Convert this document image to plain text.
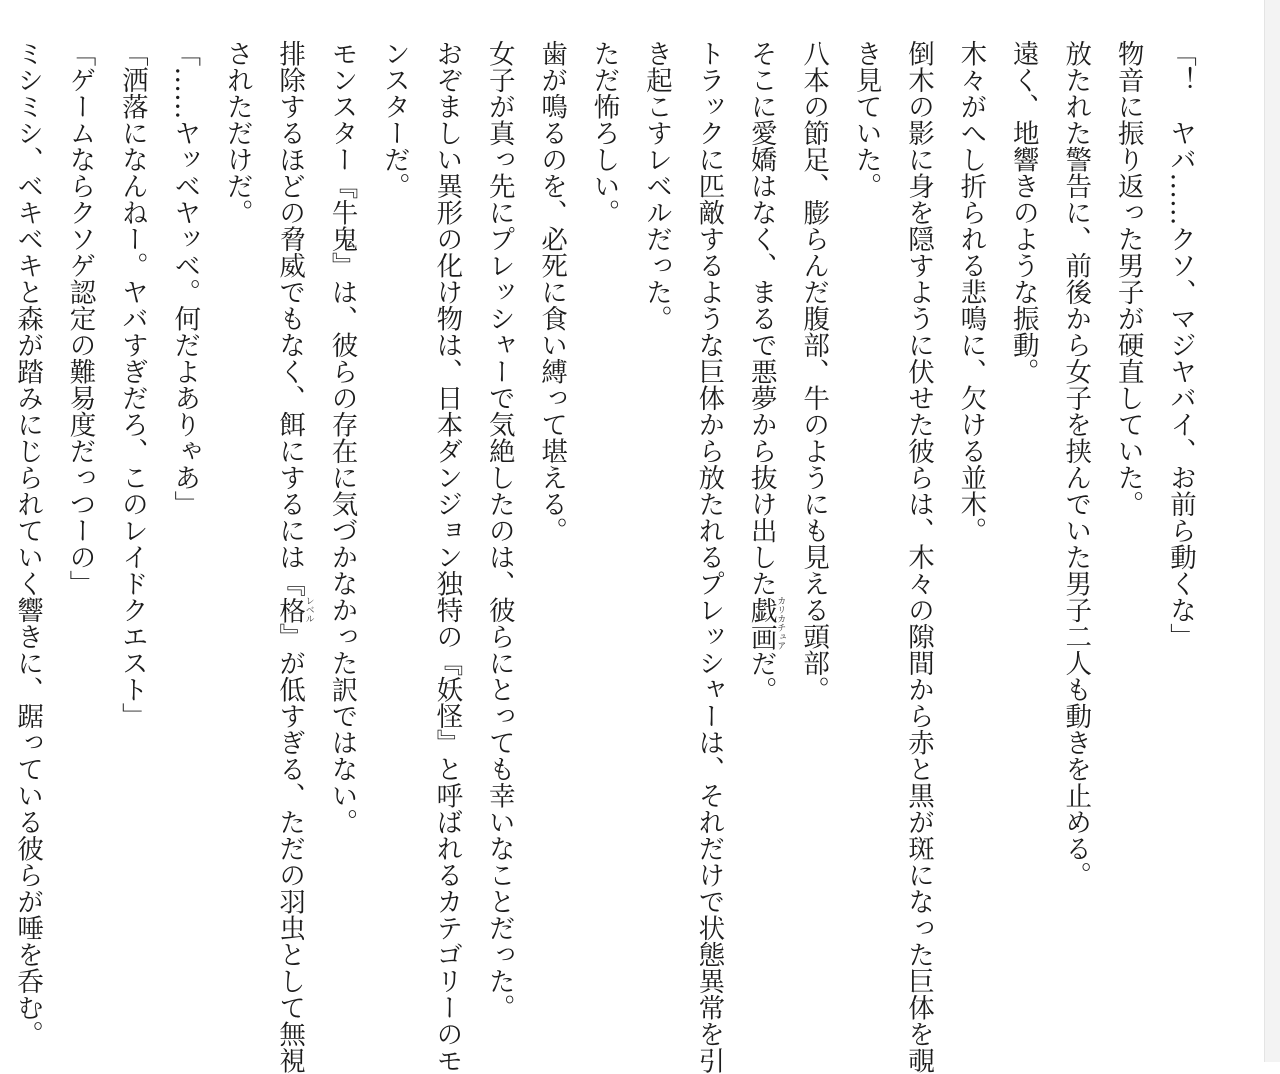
「！　ヤバ……クソ、マジヤバイ、お前ら動くな」
物音に振り返った男子が硬直していた。
放たれた警告に、前後から女子を挟んでいた男子二人も動きを止める。
遠く、地響きのような振動。
木々がへし折られる悲鳴に、欠ける並木。
倒木の影に身を隠すように伏せた彼らは、木々の隙間から赤と黒が斑になった巨体を覗
き見ていた。
八本の節足、膨らんだ腹部、牛のようにも見える頭部。
そこに愛嬌はなく、まるで悪夢から抜け出した戯画カリカチュアだ。
トラックに匹敵するような巨体から放たれるプレッシャーは、それだけで状態異常を引
き起こすレベルだった。
ただ怖ろしい。
歯が鳴るのを、必死に食い縛って堪える。
女子が真っ先にプレッシャーで気絶したのは、彼らにとっても幸いなことだった。
おぞましい異形の化け物は、日本ダンジョン独特の『妖怪』と呼ばれるカテゴリーのモ
ンスターだ。
モンスター『牛鬼』は、彼らの存在に気づかなかった訳ではない。
排除するほどの脅威でもなく、餌にするには『格レベル』が低すぎる、ただの羽虫として無視
されただけだ。
「……ヤッベヤッベ。何だよありゃあ」
「洒落になんねー。ヤバすぎだろ、このレイドクエスト」
「ゲームならクソゲ認定の難易度だっつーの」
ミシミシ、ベキベキと森が踏みにじられていく響きに、踞っている彼らが唾を呑む。
